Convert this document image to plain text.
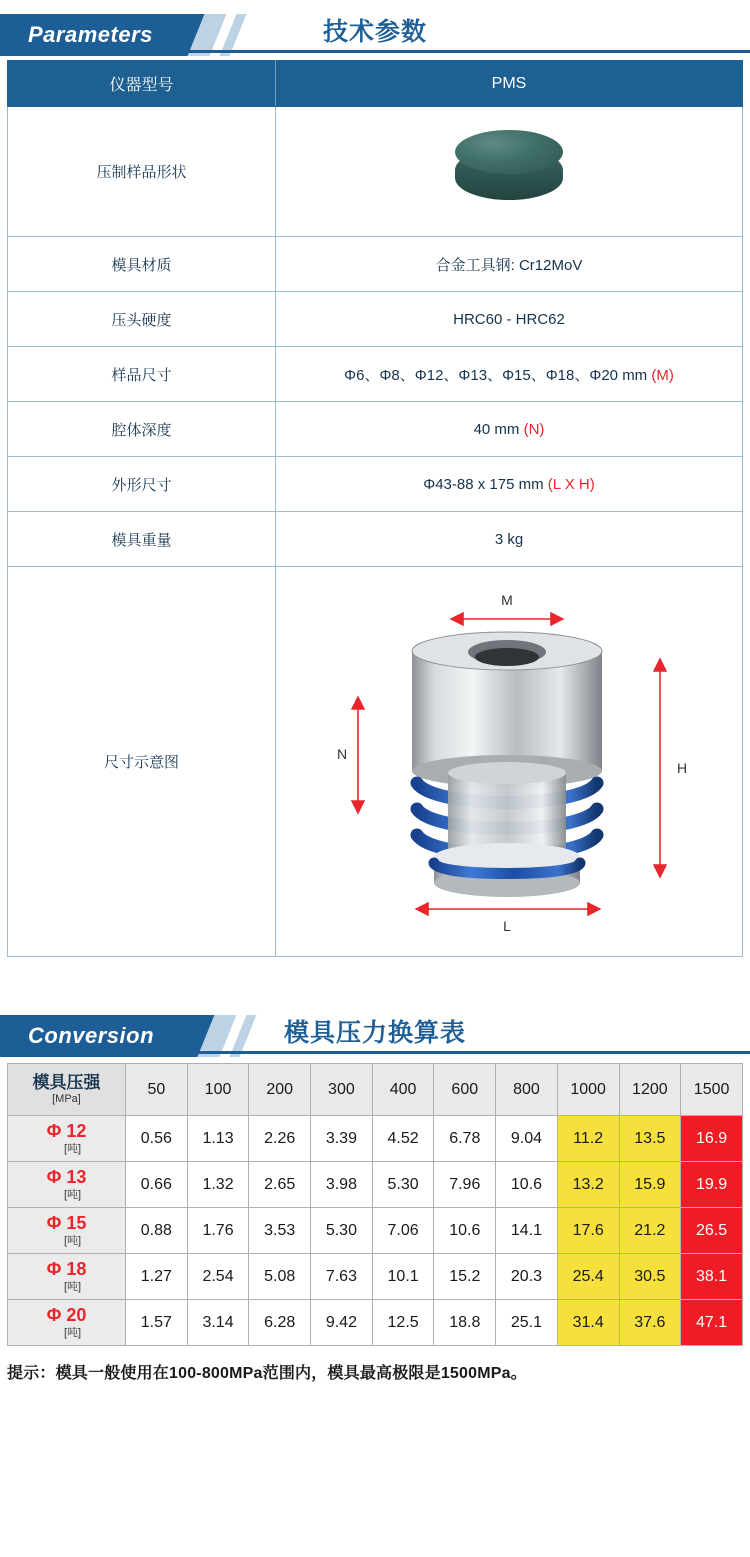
Parameters	技术参数
仪器型号	PMS
压制样品形状	

模具材质	合金工具钢: Cr12MoV
压头硬度	HRC60 - HRC62
样品尺寸	Φ6、Φ8、Φ12、Φ13、Φ15、Φ18、Φ20 mm (M)
腔体深度	40 mm (N)
外形尺寸	Φ43-88 x 175 mm (L X H)
模具重量	3 kg
尺寸示意图	M
N
H
L
Conversion	模具压力换算表
模具压强
[MPa]	50	100	200	300	400	600	800	1000	1200	1500
Φ 12
[吨]	0.56	1.13	2.26	3.39	4.52	6.78	9.04	11.2	13.5	16.9
Φ 13
[吨]	0.66	1.32	2.65	3.98	5.30	7.96	10.6	13.2	15.9	19.9
Φ 15
[吨]	0.88	1.76	3.53	5.30	7.06	10.6	14.1	17.6	21.2	26.5
Φ 18
[吨]	1.27	2.54	5.08	7.63	10.1	15.2	20.3	25.4	30.5	38.1
Φ 20
[吨]	1.57	3.14	6.28	9.42	12.5	18.8	25.1	31.4	37.6	47.1
提示：模具一般使用在100-800MPa范围内，模具最高极限是1500MPa。
